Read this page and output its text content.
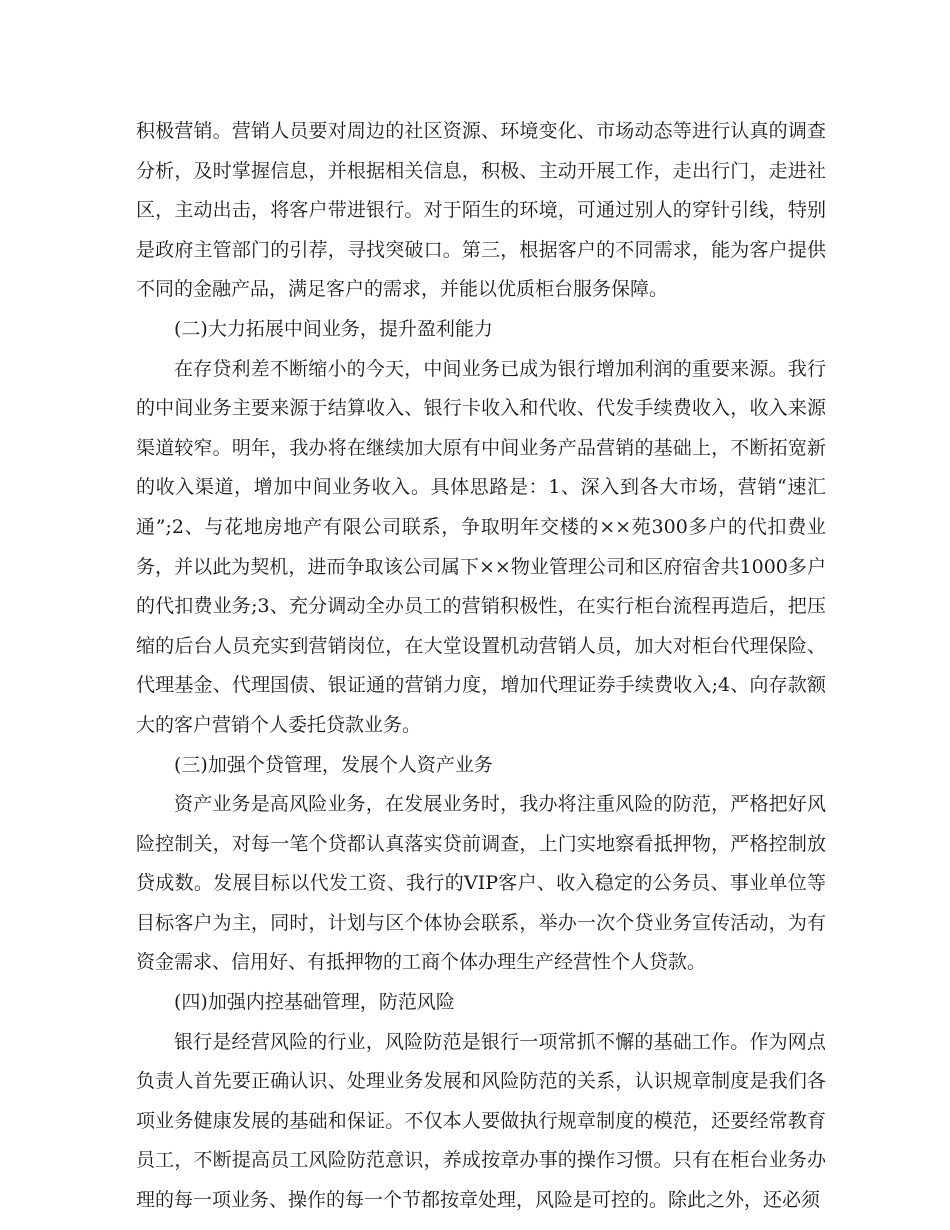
积极营销。营销人员要对周边的社区资源、环境变化、市场动态等进行认真的调查分析，及时掌握信息，并根据相关信息，积极、主动开展工作，走出行门，走进社区，主动出击，将客户带进银行。对于陌生的环境，可通过别人的穿针引线，特别是政府主管部门的引荐，寻找突破口。第三，根据客户的不同需求，能为客户提供不同的金融产品，满足客户的需求，并能以优质柜台服务保障。

(二)大力拓展中间业务，提升盈利能力

在存贷利差不断缩小的今天，中间业务已成为银行增加利润的重要来源。我行的中间业务主要来源于结算收入、银行卡收入和代收、代发手续费收入，收入来源渠道较窄。明年，我办将在继续加大原有中间业务产品营销的基础上，不断拓宽新的收入渠道，增加中间业务收入。具体思路是：1、深入到各大市场，营销“速汇通”;2、与花地房地产有限公司联系，争取明年交楼的××苑300多户的代扣费业务，并以此为契机，进而争取该公司属下××物业管理公司和区府宿舍共1000多户的代扣费业务;3、充分调动全办员工的营销积极性，在实行柜台流程再造后，把压缩的后台人员充实到营销岗位，在大堂设置机动营销人员，加大对柜台代理保险、代理基金、代理国债、银证通的营销力度，增加代理证券手续费收入;4、向存款额大的客户营销个人委托贷款业务。

(三)加强个贷管理，发展个人资产业务

资产业务是高风险业务，在发展业务时，我办将注重风险的防范，严格把好风险控制关，对每一笔个贷都认真落实贷前调查，上门实地察看抵押物，严格控制放贷成数。发展目标以代发工资、我行的VIP客户、收入稳定的公务员、事业单位等目标客户为主，同时，计划与区个体协会联系，举办一次个贷业务宣传活动，为有资金需求、信用好、有抵押物的工商个体办理生产经营性个人贷款。

(四)加强内控基础管理，防范风险

银行是经营风险的行业，风险防范是银行一项常抓不懈的基础工作。作为网点负责人首先要正确认识、处理业务发展和风险防范的关系，认识规章制度是我们各项业务健康发展的基础和保证。不仅本人要做执行规章制度的模范，还要经常教育员工，不断提高员工风险防范意识，养成按章办事的操作习惯。只有在柜台业务办理的每一项业务、操作的每一个节都按章处理，风险是可控的。除此之外，还必须
